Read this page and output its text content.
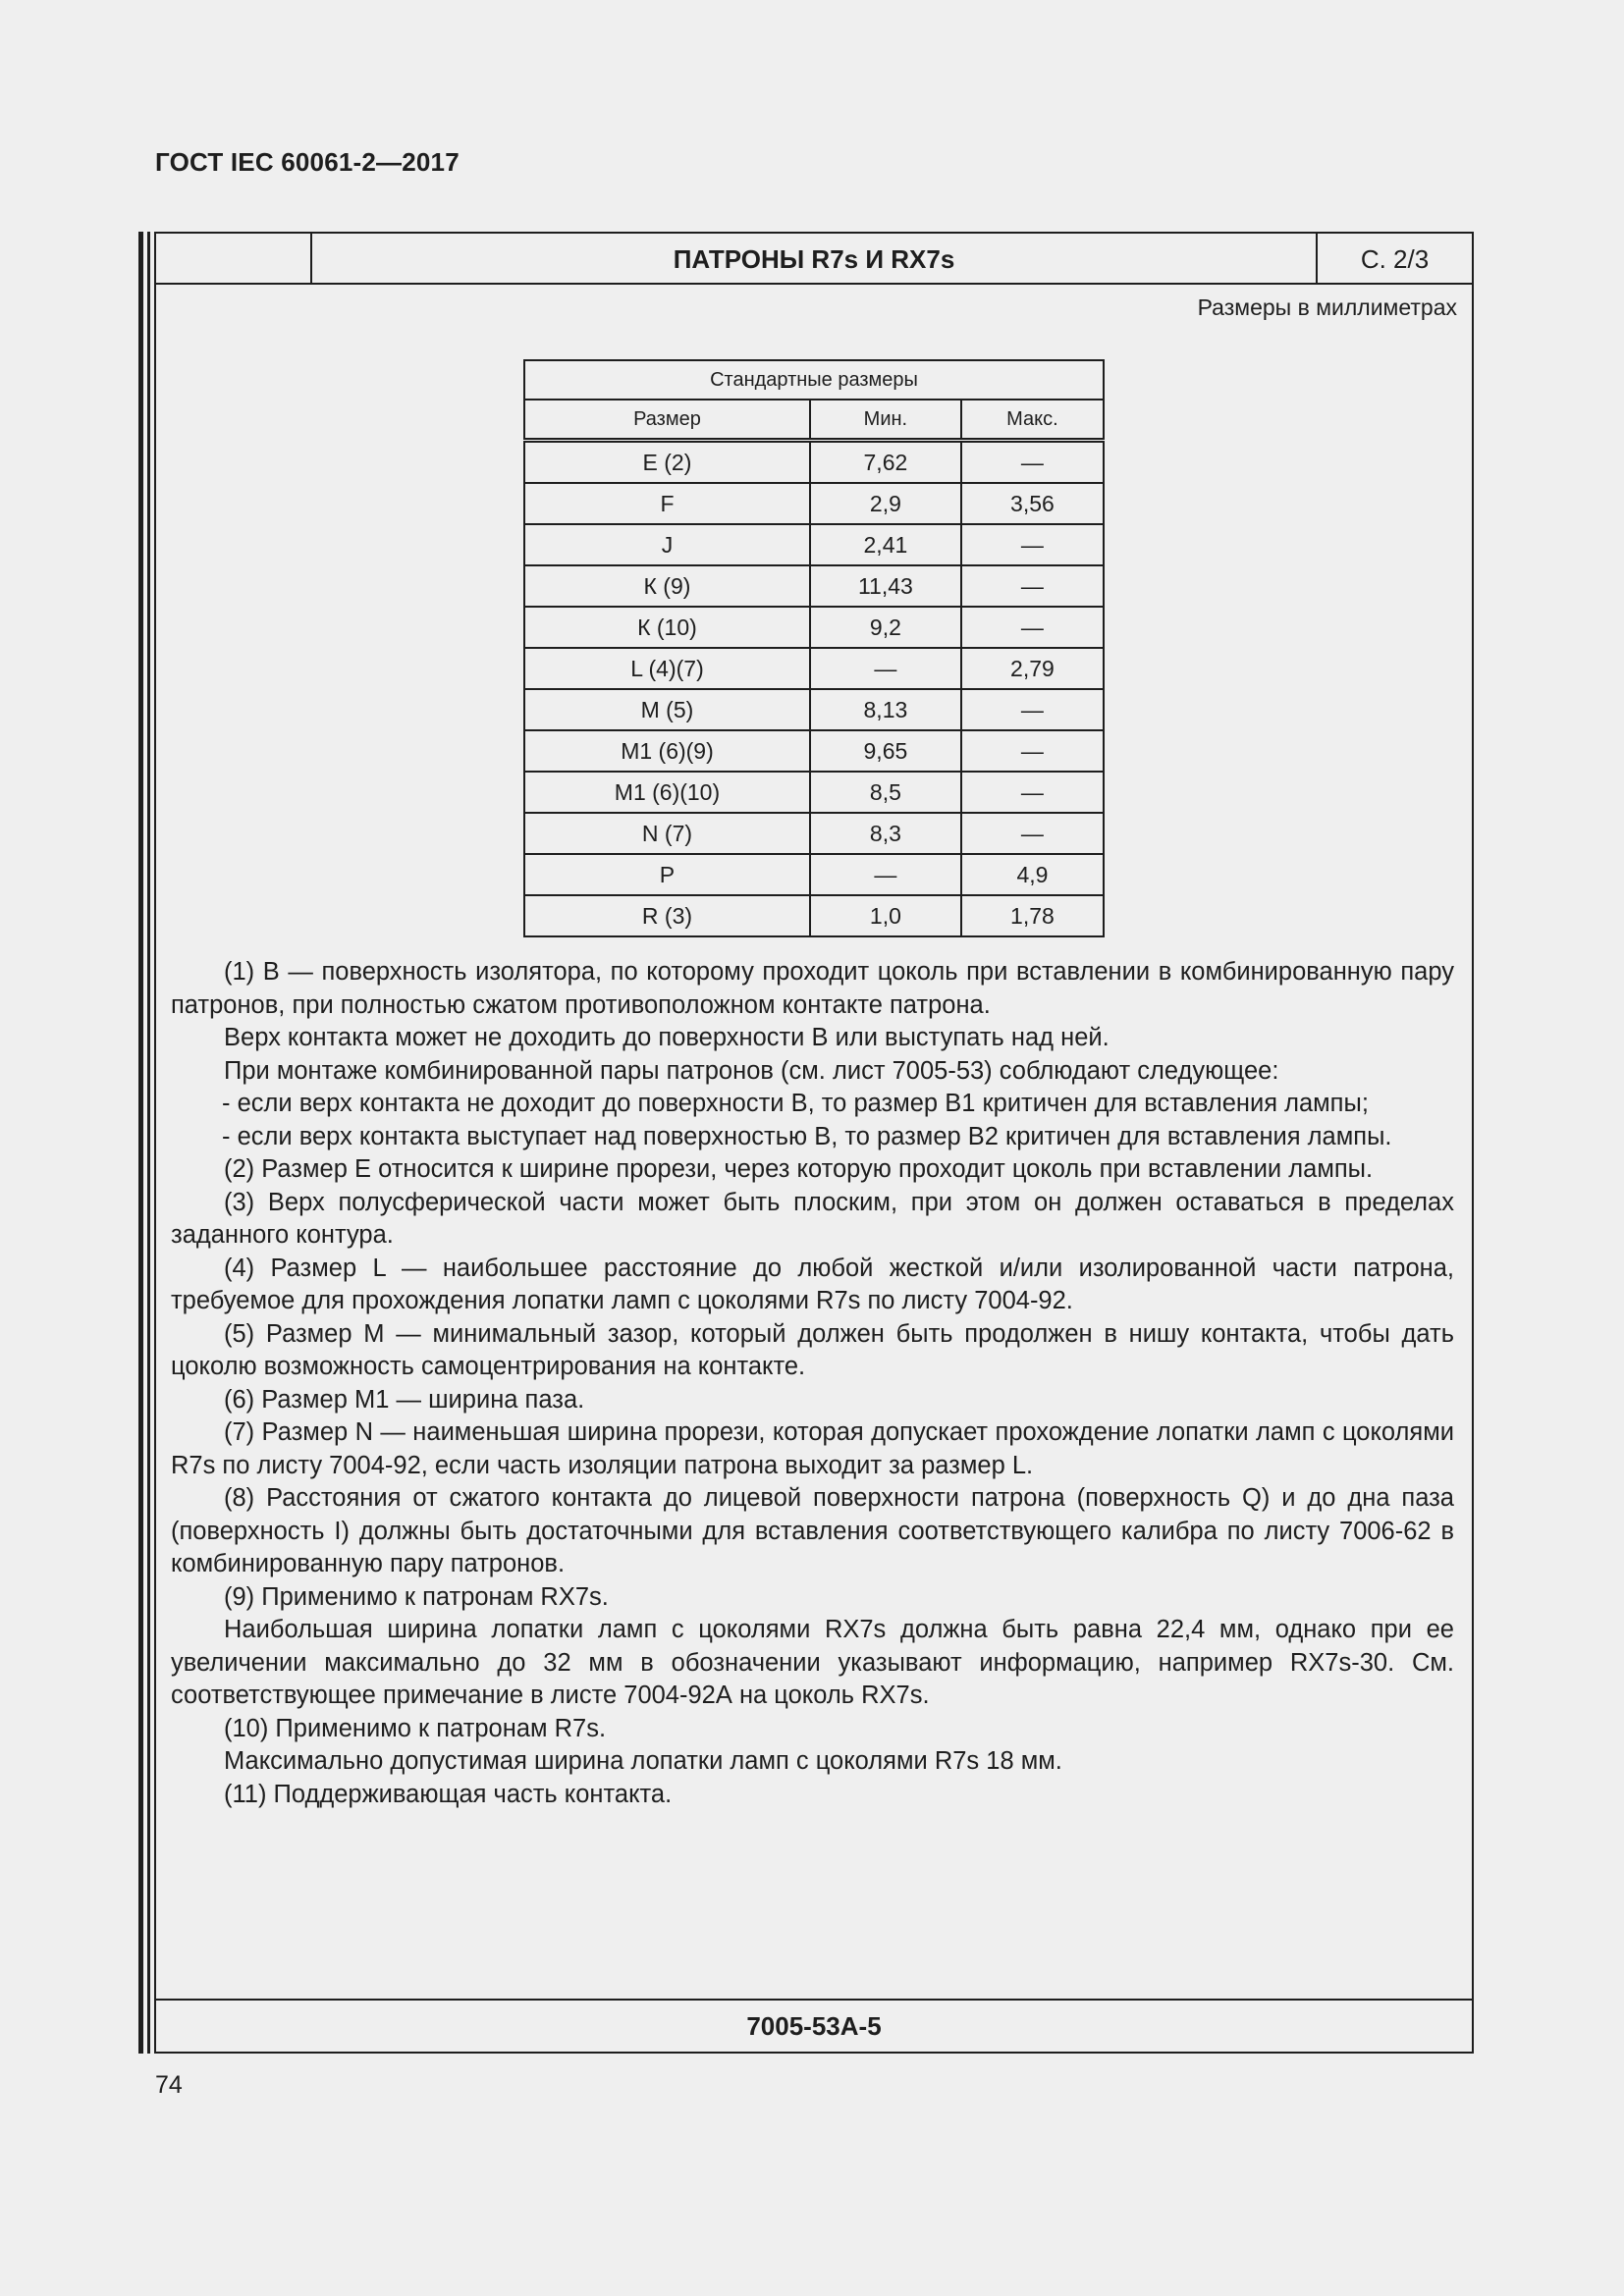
ГОСТ IEC 60061-2—2017
ПАТРОНЫ R7s И RX7s	С. 2/3
Размеры в миллиметрах
Стандартные размеры		
Размер	Мин.	Макс.
E (2)	7,62	—
F	2,9	3,56
J	2,41	—
К (9)	11,43	—
К (10)	9,2	—
L (4)(7)	—	2,79
M (5)	8,13	—
M1 (6)(9)	9,65	—
M1 (6)(10)	8,5	—
N (7)	8,3	—
P	—	4,9
R (3)	1,0	1,78

(1) В — поверхность изолятора, по которому проходит цоколь при вставлении в комбинированную пару патронов, при полностью сжатом противоположном контакте патрона.

Верх контакта может не доходить до поверхности В или выступать над ней.

При монтаже комбинированной пары патронов (см. лист 7005-53) соблюдают следующее:

- если верх контакта не доходит до поверхности В, то размер В1 критичен для вставления лампы;

- если верх контакта выступает над поверхностью В, то размер В2 критичен для вставления лампы.

(2) Размер Е относится к ширине прорези, через которую проходит цоколь при вставлении лампы.

(3) Верх полусферической части может быть плоским, при этом он должен оставаться в пределах заданного контура.

(4) Размер L — наибольшее расстояние до любой жесткой и/или изолированной части патрона, требуемое для прохождения лопатки ламп с цоколями R7s по листу 7004-92.

(5) Размер М — минимальный зазор, который должен быть продолжен в нишу контакта, чтобы дать цоколю возможность самоцентрирования на контакте.

(6) Размер М1 — ширина паза.

(7) Размер N — наименьшая ширина прорези, которая допускает прохождение лопатки ламп с цоколями R7s по листу 7004-92, если часть изоляции патрона выходит за размер L.

(8) Расстояния от сжатого контакта до лицевой поверхности патрона (поверхность Q) и до дна паза (поверхность I) должны быть достаточными для вставления соответствующего калибра по листу 7006-62 в комбинированную пару патронов.

(9) Применимо к патронам RX7s.

Наибольшая ширина лопатки ламп с цоколями RX7s должна быть равна 22,4 мм, однако при ее увеличении максимально до 32 мм в обозначении указывают информацию, например RX7s-30. См. соответствующее примечание в листе 7004-92А на цоколь RX7s.

(10) Применимо к патронам R7s.

Максимально допустимая ширина лопатки ламп с цоколями R7s 18 мм.

(11) Поддерживающая часть контакта.

7005-53А-5
74
